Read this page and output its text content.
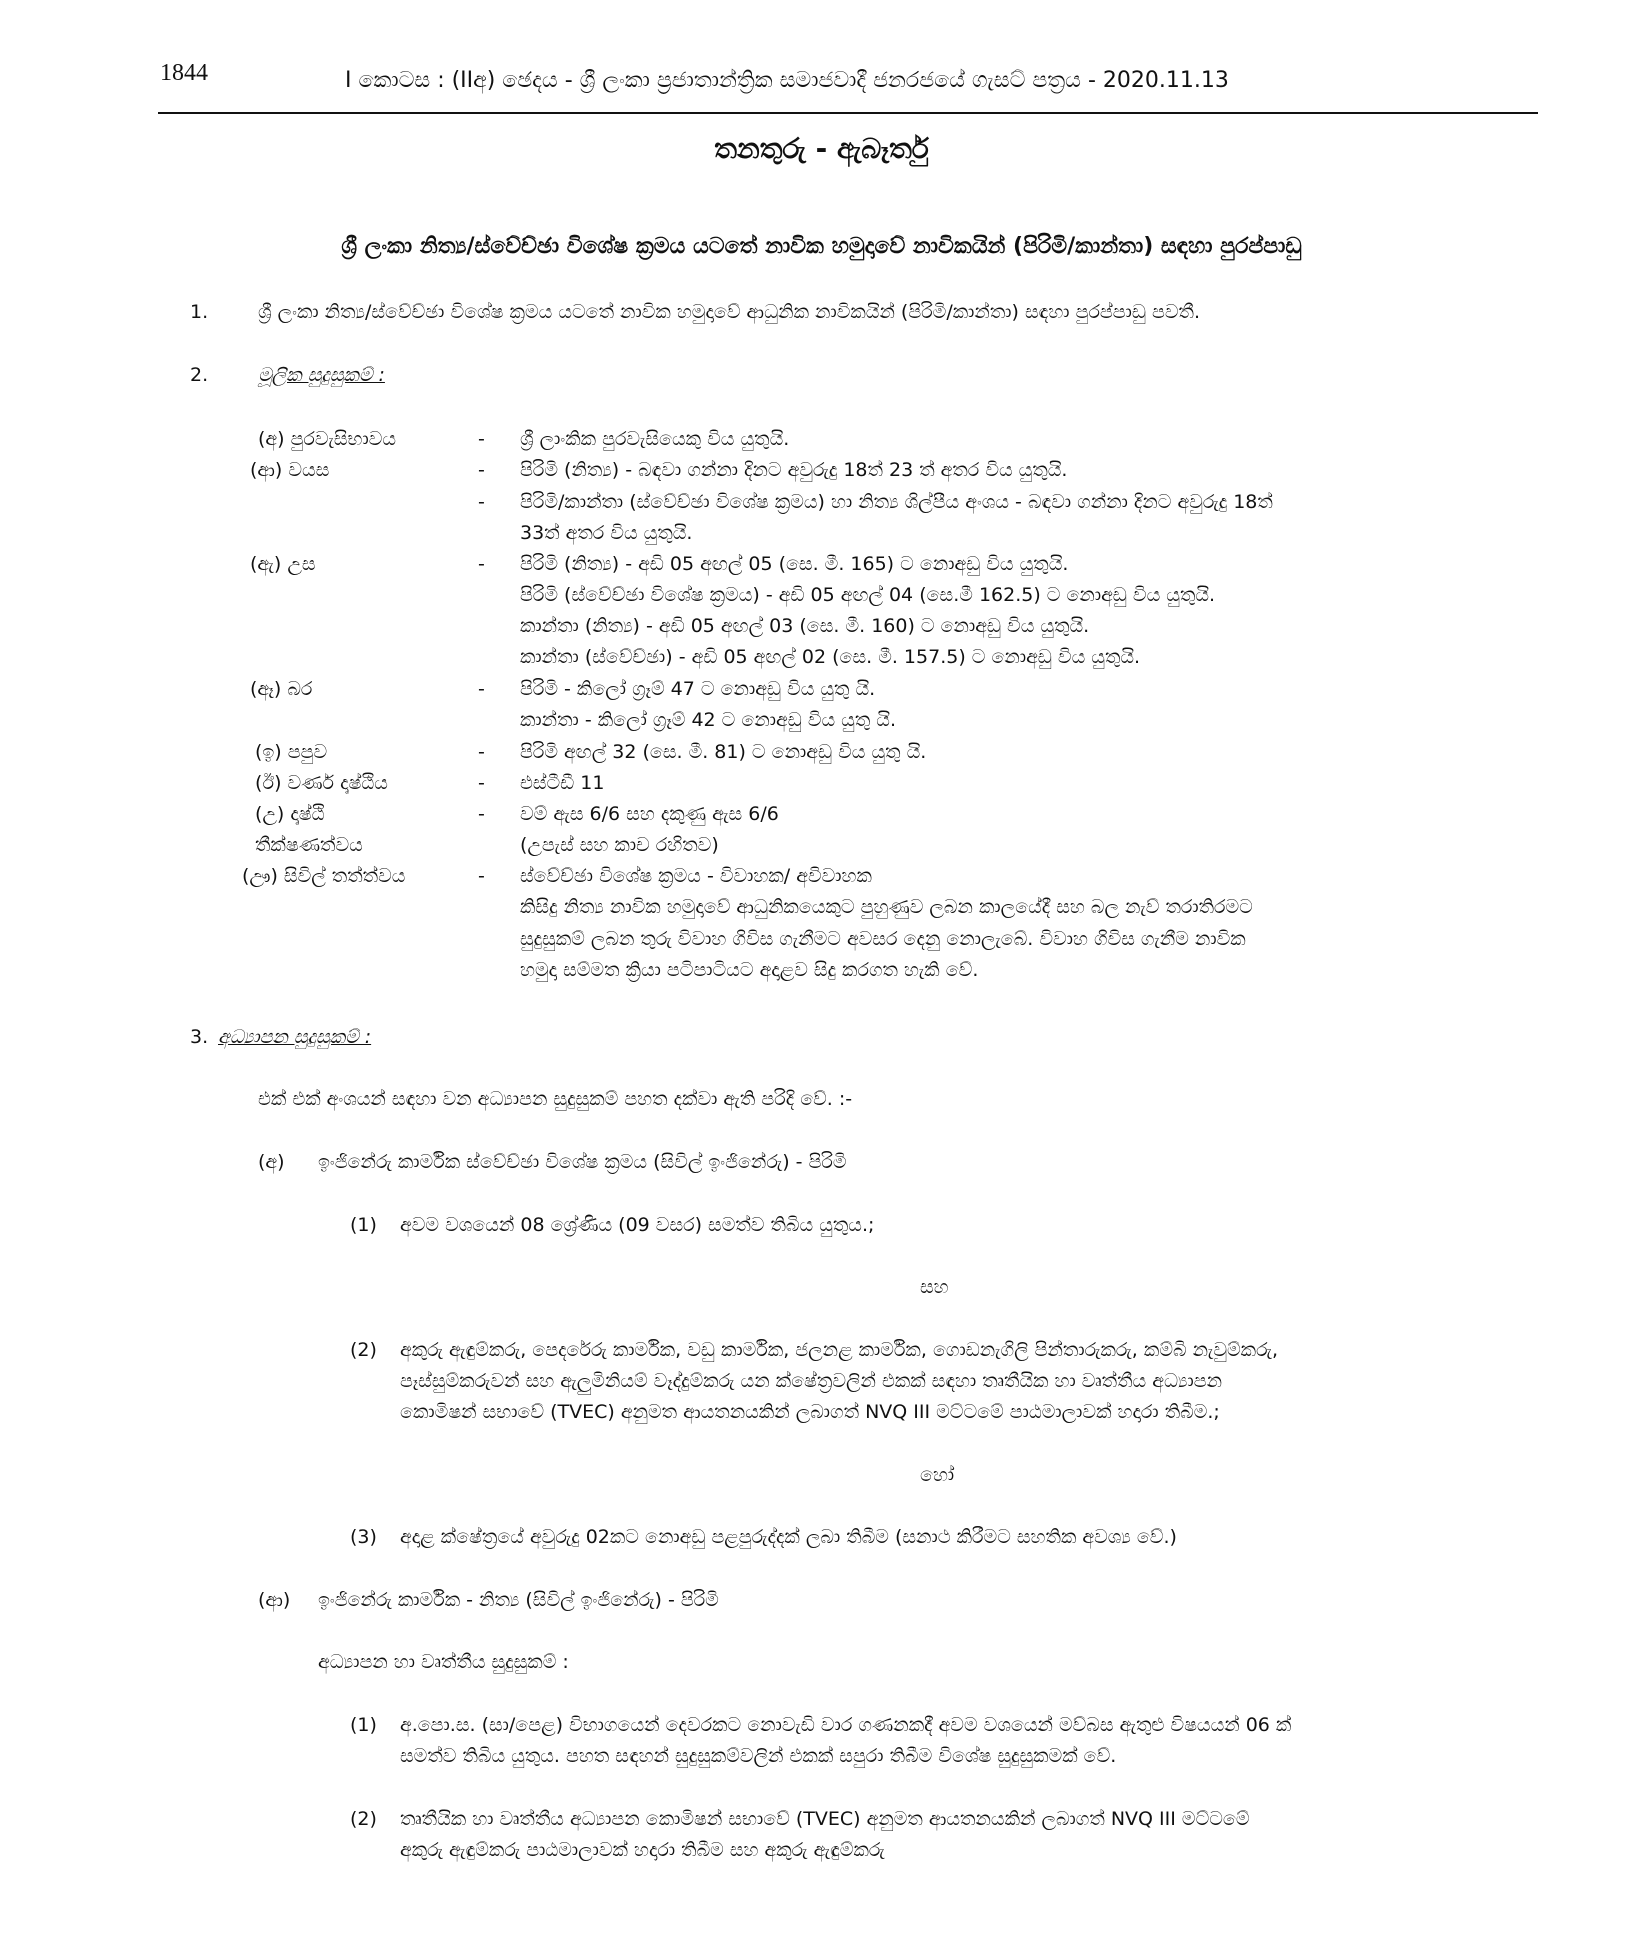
1844	I කොටස : (IIඅ) ඡෙදය - ශ්‍රී ලංකා ප්‍රජාතාන්ත්‍රික සමාජවාදී ජනරජයේ ගැසට් පත්‍රය - 2020.11.13
තනතුරු - ඇබෑර්තු
ශ්‍රී ලංකා නිත්‍ය/ස්වේච්ඡා විශේෂ ක්‍රමය යටතේ නාවික හමුදාවේ නාවිකයින් (පිරිමි/කාන්තා) සඳහා පුරප්පාඩු
1.	ශ්‍රී ලංකා නිත්‍ය/ස්වේච්ඡා විශේෂ ක්‍රමය යටතේ නාවික හමුදාවේ ආධුනික නාවිකයින් (පිරිමි/කාන්තා) සඳහා පුරප්පාඩු පවතී.
2.	මූලික සුදුසුකම් :
(අ) පුරවැසිභාවය	- ශ්‍රී ලාංකික පුරවැසියෙකු විය යුතුයි.
(ආ) වයස	- පිරිමි (නිත්‍ය) - බඳවා ගන්නා දිනට අවුරුදු 18ත් 23 ත් අතර විය යුතුයි.
- පිරිමි/කාන්තා (ස්වේච්ඡා විශේෂ ක්‍රමය) හා නිත්‍ය ශිල්පීය අංශය - බඳවා ගන්නා දිනට අවුරුදු 18ත්
33ත් අතර විය යුතුයි.
(ඇ) උස	- පිරිමි (නිත්‍ය) - අඩි 05 අඟල් 05 (සෙ. මී. 165) ට නොඅඩු විය යුතුයි.
පිරිමි (ස්වේච්ඡා විශේෂ ක්‍රමය) - අඩි 05 අඟල් 04 (සෙ.මී 162.5) ට නොඅඩු විය යුතුයි.
කාන්තා (නිත්‍ය) - අඩි 05 අඟල් 03 (සෙ. මී. 160) ට නොඅඩු විය යුතුයි.
කාන්තා (ස්වේච්ඡා) - අඩි 05 අඟල් 02 (සෙ. මී. 157.5) ට නොඅඩු විය යුතුයි.
(ඈ) බර	- පිරිමි - කිලෝ ග්‍රෑම් 47 ට නොඅඩු විය යුතු යි.
කාන්තා - කිලෝ ග්‍රෑම් 42 ට නොඅඩු විය යුතු යි.
(ඉ) පපුව	- පිරිමි අඟල් 32 (සෙ. මී. 81) ට නොඅඩු විය යුතු යි.
(ඊ) වර්ණ දෘෂ්ඨිය	- එස්ටීඩී 11
(උ) දෘෂ්ඨි	- වම් ඇස 6/6 සහ දකුණු ඇස 6/6
තීක්ෂණත්වය	(උපැස් සහ කාච රහිතව)
(ඌ) සිවිල් තත්ත්වය	- ස්වේච්ඡා විශේෂ ක්‍රමය - විවාහක/ අවිවාහක
කිසිදු නිත්‍ය නාවික හමුදාවේ ආධුනිකයෙකුට පුහුණුව ලබන කාලයේදී සහ බල නැව් තරාතිරමට
සුදුසුකම් ලබන තුරු විවාහ ගිවිස ගැනීමට අවසර දෙනු නොලැබේ. විවාහ ගිවිස ගැනීම නාවික
හමුදා සම්මත ක්‍රියා පටිපාටියට අදාළව සිදු කරගත හැකි වේ.
3. අධ්‍යාපන සුදුසුකම් :
එක් එක් අංශයන් සඳහා වන අධ්‍යාපන සුදුසුකම් පහත දක්වා ඇති පරිදි වේ. :-
(අ) ඉංජිනේරු කාර්මික ස්වේච්ඡා විශේෂ ක්‍රමය (සිවිල් ඉංජිනේරු) - පිරිමි
(1) අවම වශයෙන් 08 ශ්‍රේණිය (09 වසර) සමත්ව තිබිය යුතුය.;
සහ
(2) අකුරු ඇඳුම්කරු, පෙදරේරු කාර්මික, වඩු කාර්මික, ජලනළ කාර්මික, ගොඩනැගිලි පින්තාරුකරු, කම්බි නැවුම්කරු,
පෑස්සුම්කරුවන් සහ ඇලුමිනියම් වෑද්දුම්කරු යන ක්ෂේත්‍රවලින් එකක් සඳහා තෘතීයික හා වෘත්තීය අධ්‍යාපන
කොමිෂන් සභාවේ (TVEC) අනුමත ආයතනයකින් ලබාගත් NVQ III මට්ටමේ පාඨමාලාවක් හදාරා තිබීම.;
හෝ
(3) අදාළ ක්ෂේත්‍රයේ අවුරුදු 02කට නොඅඩු පළපුරුද්දක් ලබා තිබීම (සනාථ කිරීමට සහතික අවශ්‍ය වේ.)
(ආ) ඉංජිනේරු කාර්මික - නිත්‍ය (සිවිල් ඉංජිනේරු) - පිරිමි
අධ්‍යාපන හා වෘත්තීය සුදුසුකම් :
(1) අ.පො.ස. (සා/පෙළ) විභාගයෙන් දෙවරකට නොවැඩි වාර ගණනකදී අවම වශයෙන් මව්බස ඇතුළු විෂයයන් 06 ක්
සමත්ව තිබිය යුතුය. පහත සඳහන් සුදුසුකම්වලින් එකක් සපුරා තිබීම විශේෂ සුදුසුකමක් වේ.
(2) තෘතීයික හා වෘත්තීය අධ්‍යාපන කොමිෂන් සභාවේ (TVEC) අනුමත ආයතනයකින් ලබාගත් NVQ III මට්ටමේ
අකුරු ඇඳුම්කරු පාඨමාලාවක් හදාරා තිබීම සහ අකුරු ඇඳුම්කරු
